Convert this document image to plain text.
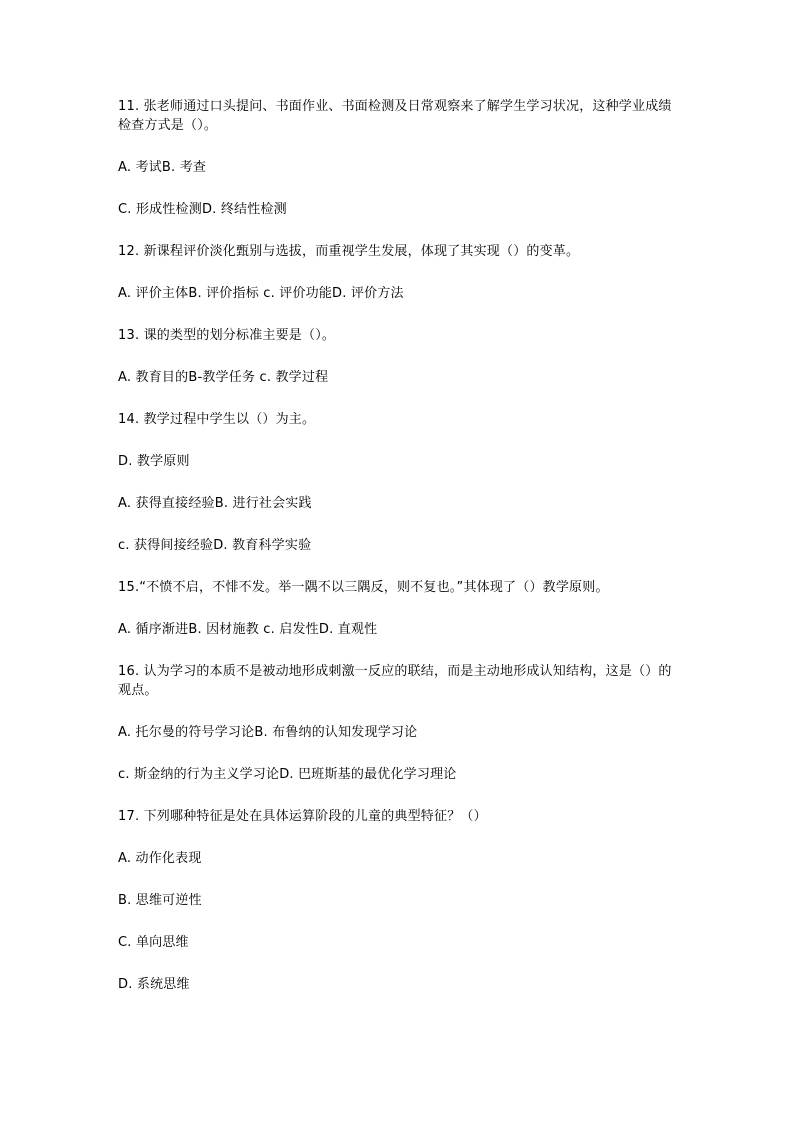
11. 张老师通过口头提问、书面作业、书面检测及日常观察来了解学生学习状况，这种学业成绩检查方式是（）。

A. 考试B. 考查

C. 形成性检测D. 终结性检测

12. 新课程评价淡化甄别与选拔，而重视学生发展，体现了其实现（）的变革。

A. 评价主体B. 评价指标 c. 评价功能D. 评价方法

13. 课的类型的划分标准主要是（）。

A. 教育目的B-教学任务 c. 教学过程

14. 教学过程中学生以（）为主。

D. 教学原则

A. 获得直接经验B. 进行社会实践

c. 获得间接经验D. 教育科学实验

15.“不愤不启，不悱不发。举一隅不以三隅反，则不复也。”其体现了（）教学原则。

A. 循序渐进B. 因材施教 c. 启发性D. 直观性

16. 认为学习的本质不是被动地形成刺激一反应的联结，而是主动地形成认知结构，这是（）的观点。

A. 托尔曼的符号学习论B. 布鲁纳的认知发现学习论

c. 斯金纳的行为主义学习论D. 巴班斯基的最优化学习理论

17. 下列哪种特征是处在具体运算阶段的儿童的典型特征？（）

A. 动作化表现

B. 思维可逆性

C. 单向思维

D. 系统思维
